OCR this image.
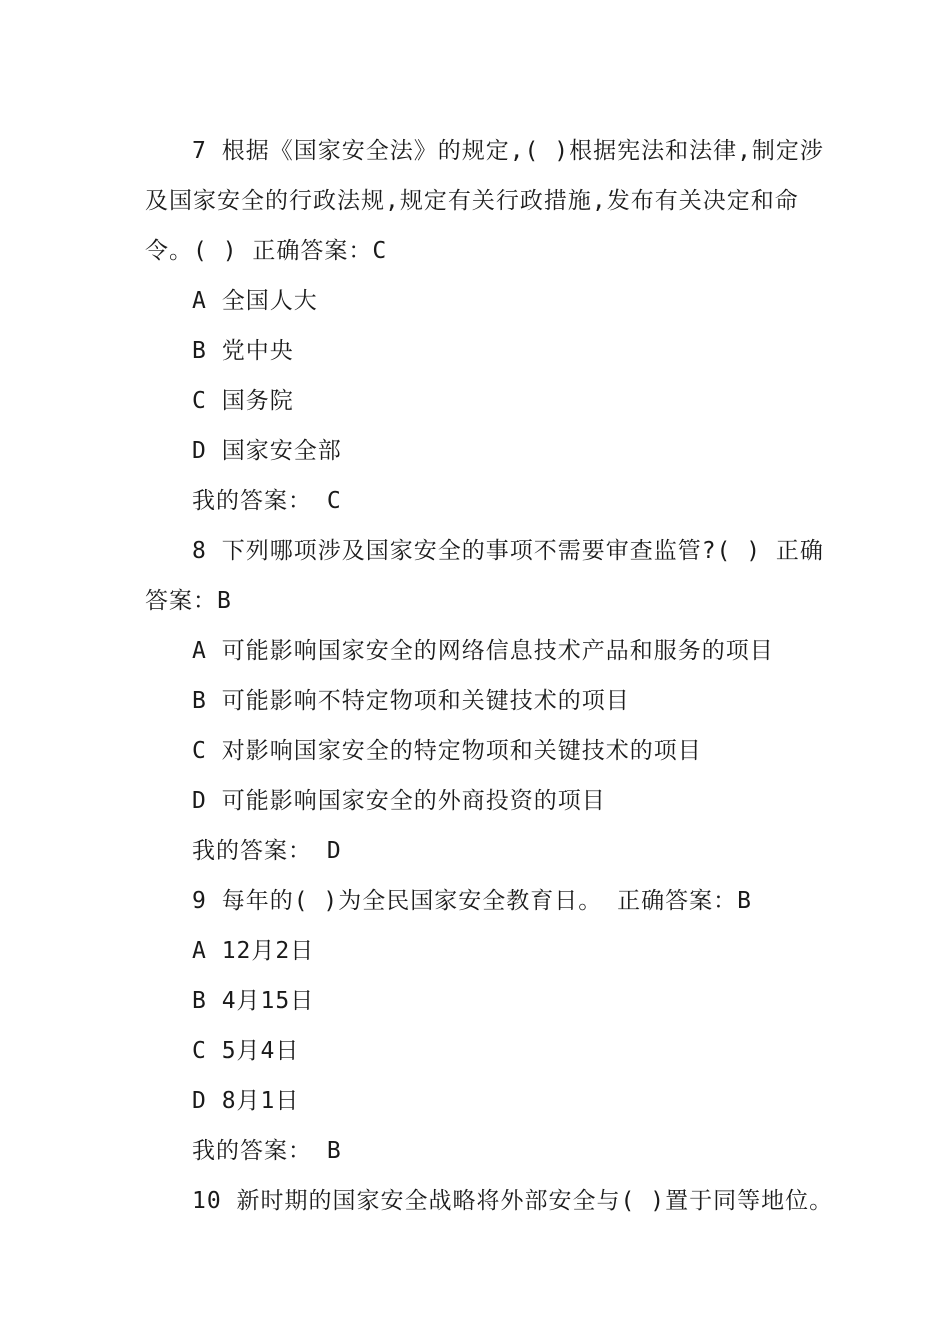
7 根据《国家安全法》的规定,( )根据宪法和法律,制定涉
及国家安全的行政法规,规定有关行政措施,发布有关决定和命
令。( ) 正确答案：C
A 全国人大
B 党中央
C 国务院
D 国家安全部
我的答案： C
8 下列哪项涉及国家安全的事项不需要审查监管?( ) 正确
答案：B
A 可能影响国家安全的网络信息技术产品和服务的项目
B 可能影响不特定物项和关键技术的项目
C 对影响国家安全的特定物项和关键技术的项目
D 可能影响国家安全的外商投资的项目
我的答案： D
9 每年的( )为全民国家安全教育日。 正确答案：B
A 12月2日
B 4月15日
C 5月4日
D 8月1日
我的答案： B
10 新时期的国家安全战略将外部安全与( )置于同等地位。
